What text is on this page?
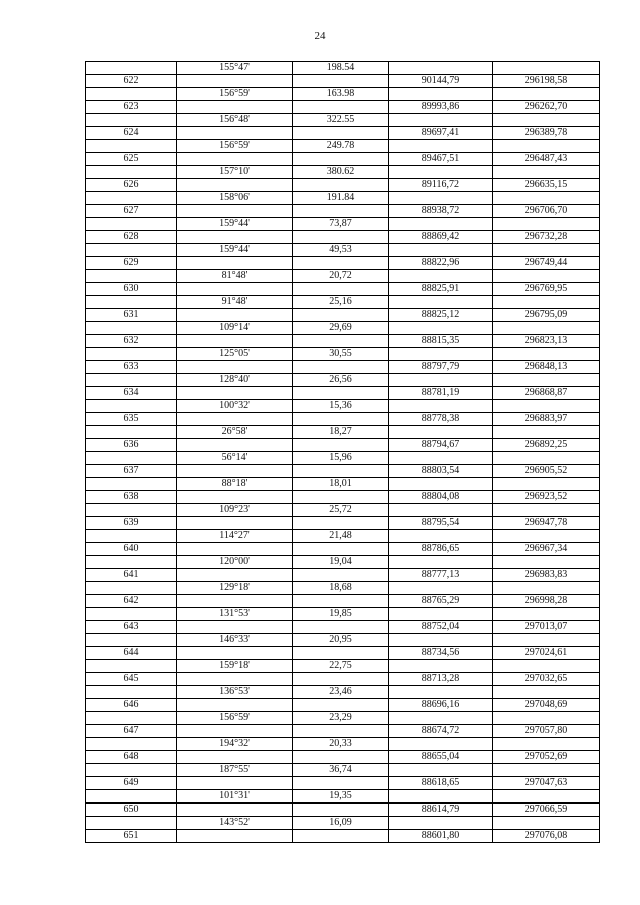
24
	155°47'	198.54		
622			90144,79	296198,58
	156°59'	163.98		
623			89993,86	296262,70
	156°48'	322.55		
624			89697,41	296389,78
	156°59'	249.78		
625			89467,51	296487,43
	157°10'	380.62		
626			89116,72	296635,15
	158°06'	191.84		
627			88938,72	296706,70
	159°44'	73,87		
628			88869,42	296732,28
	159°44'	49,53		
629			88822,96	296749,44
	81°48'	20,72		
630			88825,91	296769,95
	91°48'	25,16		
631			88825,12	296795,09
	109°14'	29,69		
632			88815,35	296823,13
	125°05'	30,55		
633			88797,79	296848,13
	128°40'	26,56		
634			88781,19	296868,87
	100°32'	15,36		
635			88778,38	296883,97
	26°58'	18,27		
636			88794,67	296892,25
	56°14'	15,96		
637			88803,54	296905,52
	88°18'	18,01		
638			88804,08	296923,52
	109°23'	25,72		
639			88795,54	296947,78
	114°27'	21,48		
640			88786,65	296967,34
	120°00'	19,04		
641			88777,13	296983,83
	129°18'	18,68		
642			88765,29	296998,28
	131°53'	19,85		
643			88752,04	297013,07
	146°33'	20,95		
644			88734,56	297024,61
	159°18'	22,75		
645			88713,28	297032,65
	136°53'	23,46		
646			88696,16	297048,69
	156°59'	23,29		
647			88674,72	297057,80
	194°32'	20,33		
648			88655,04	297052,69
	187°55'	36,74		
649			88618,65	297047,63
	101°31'	19,35		
650			88614,79	297066,59
	143°52'	16,09		
651			88601,80	297076,08
